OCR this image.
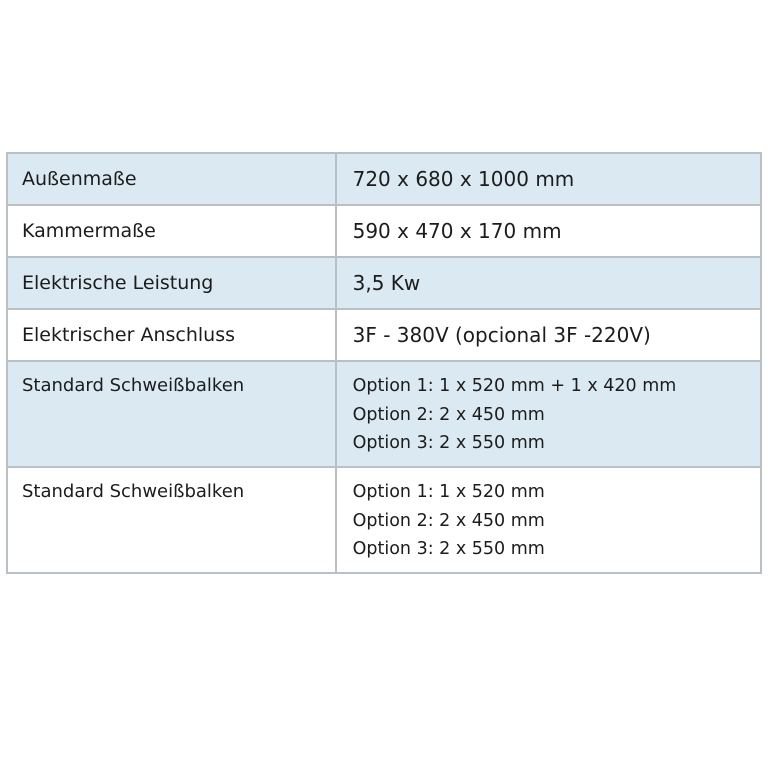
Außenmaße	720 x 680 x 1000 mm

Kammermaße	590 x 470 x 170 mm

Elektrische Leistung	3,5 Kw

Elektrischer Anschluss	3F - 380V (opcional 3F -220V)

Standard Schweißbalken	Option 1: 1 x 520 mm + 1 x 420 mm
Option 2: 2 x 450 mm
Option 3: 2 x 550 mm

Standard Schweißbalken	Option 1: 1 x 520 mm
Option 2: 2 x 450 mm
Option 3: 2 x 550 mm
